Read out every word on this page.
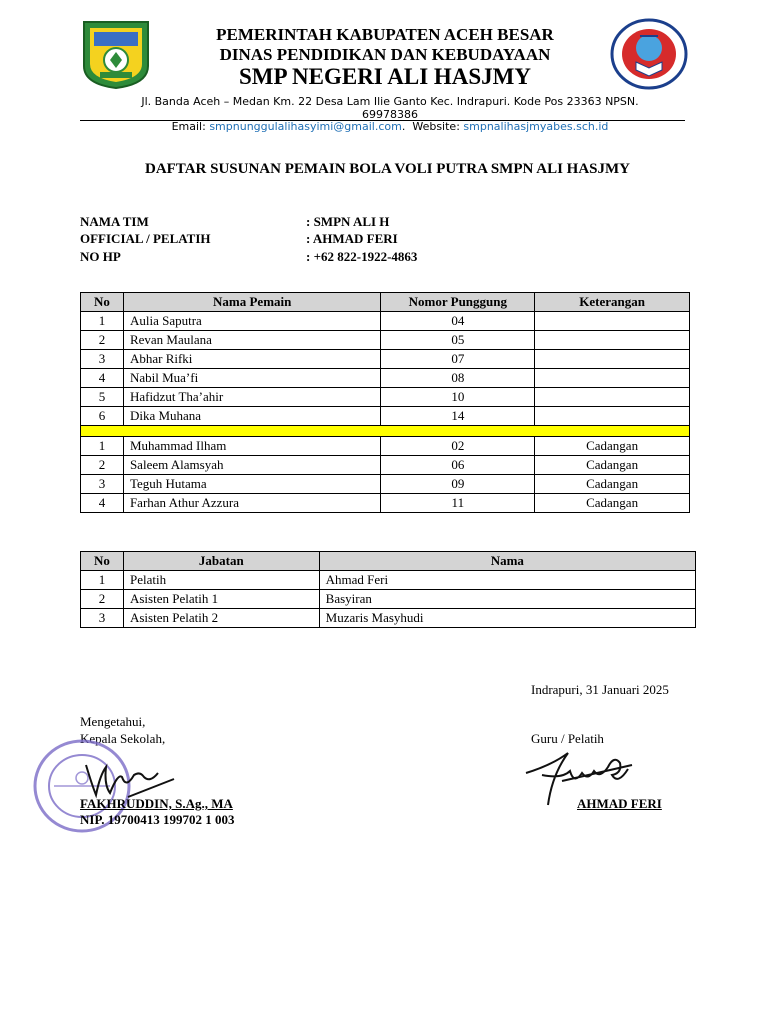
PEMERINTAH KABUPATEN ACEH BESAR
DINAS PENDIDIKAN DAN KEBUDAYAAN
SMP NEGERI ALI HASJMY
Jl. Banda Aceh – Medan Km. 22 Desa Lam Ilie Ganto Kec. Indrapuri. Kode Pos 23363 NPSN.
69978386
Email: smpnunggulalihasyimi@gmail.com.  Website: smpnalihasjmyabes.sch.id
DAFTAR SUSUNAN PEMAIN BOLA VOLI PUTRA SMPN ALI HASJMY
NAMA TIM	: SMPN ALI H
OFFICIAL / PELATIH	: AHMAD FERI
NO HP	: +62 822-1922-4863
No	Nama Pemain	Nomor Punggung	Keterangan
1	Aulia Saputra	04	
2	Revan Maulana	05	
3	Abhar Rifki	07	
4	Nabil Mua’fi	08	
5	Hafidzut Tha’ahir	10	
6	Dika Muhana	14	

1	Muhammad Ilham	02	Cadangan
2	Saleem Alamsyah	06	Cadangan
3	Teguh Hutama	09	Cadangan
4	Farhan Athur Azzura	11	Cadangan
No	Jabatan	Nama
1	Pelatih	Ahmad Feri
2	Asisten Pelatih 1	Basyiran
3	Asisten Pelatih 2	Muzaris Masyhudi
Indrapuri, 31 Januari 2025
Mengetahui,
Kepala Sekolah,	Guru / Pelatih
FAKHRUDDIN, S.Ag., MA
NIP. 19700413 199702 1 003
AHMAD FERI
